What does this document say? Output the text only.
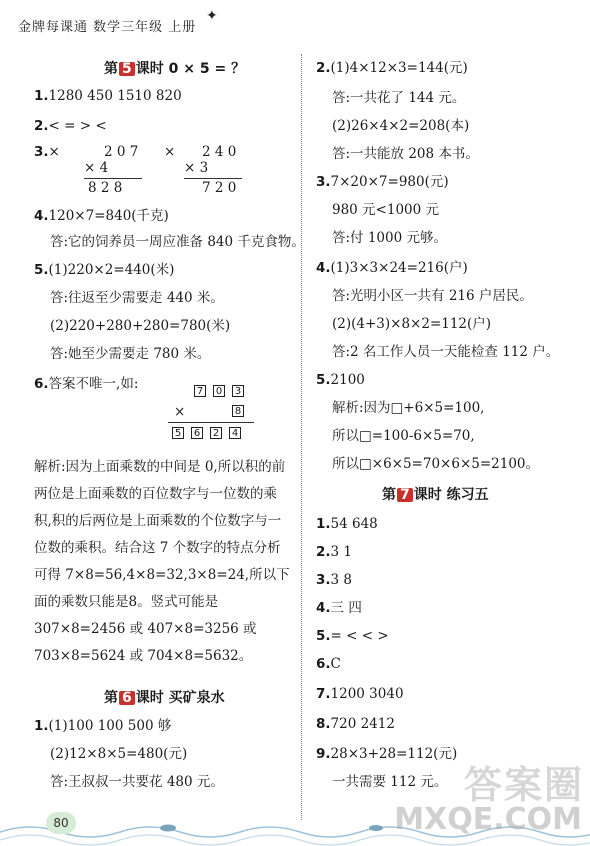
金牌每课通 数学三年级 上册
✦
第 5 课时 0 × 5 = ？
1.1280 450 1510 820
2.< = > <
3.×	2 0 7
× 4
8 2 8
× 2 4 0
× 3
7 2 0
4.120×7=840(千克)
答:它的饲养员一周应准备 840 千克食物。
5.(1)220×2=440(米)
答:往返至少需要走 440 米。
(2)220+280+280=780(米)
答:她至少需要走 780 米。
6.答案不唯一,如:	7 0 3
×	8
5 6 2 4
解析:因为上面乘数的中间是 0,所以积的前两位是上面乘数的百位数字与一位数的乘积,积的后两位是上面乘数的个位数字与一位数的乘积。结合这 7 个数字的特点分析可得 7×8=56,4×8=32,3×8=24,所以下面的乘数只能是8。竖式可能是 307×8=2456 或 407×8=3256 或 703×8=5624 或 704×8=5632。
第 6 课时 买矿泉水
1.(1)100 100 500 够
(2)12×8×5=480(元)
答:王叔叔一共要花 480 元。
2.(1)4×12×3=144(元)
答:一共花了 144 元。
(2)26×4×2=208(本)
答:一共能放 208 本书。
3.7×20×7=980(元)
980 元<1000 元
答:付 1000 元够。
4.(1)3×3×24=216(户)
答:光明小区一共有 216 户居民。
(2)(4+3)×8×2=112(户)
答:2 名工作人员一天能检查 112 户。
5.2100
解析:因为□+6×5=100,
所以□=100-6×5=70,
所以□×6×5=70×6×5=2100。
第 7 课时 练习五
1.54 648
2.3 1
3.3 8
4.三 四
5.= < < >
6.C
7.1200 3040
8.720 2412
9.28×3+28=112(元)
一共需要 112 元。
80
答案圈
MXQE.COM
